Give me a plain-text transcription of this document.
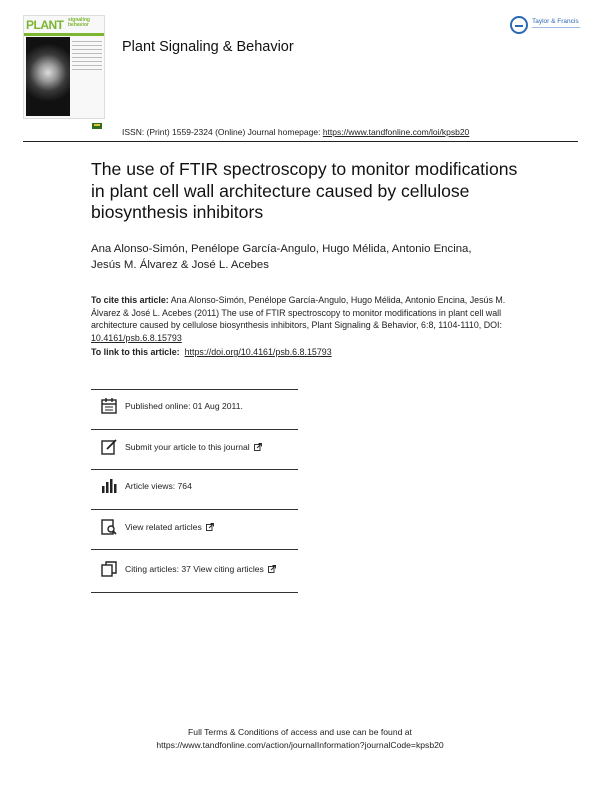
PLANT signaling
behavior	Taylor & Francis
Plant Signaling & Behavior
ISSN: (Print) 1559-2324 (Online) Journal homepage: https://www.tandfonline.com/loi/kpsb20
The use of FTIR spectroscopy to monitor modifications in plant cell wall architecture caused by cellulose biosynthesis inhibitors
Ana Alonso-Simón, Penélope García-Angulo, Hugo Mélida, Antonio Encina,
Jesús M. Álvarez & José L. Acebes
To cite this article: Ana Alonso-Simón, Penélope García-Angulo, Hugo Mélida, Antonio Encina, Jesús M. Álvarez & José L. Acebes (2011) The use of FTIR spectroscopy to monitor modifications in plant cell wall architecture caused by cellulose biosynthesis inhibitors, Plant Signaling & Behavior, 6:8, 1104-1110, DOI: 10.4161/psb.6.8.15793
To link to this article: https://doi.org/10.4161/psb.6.8.15793
Published online: 01 Aug 2011.
Submit your article to this journal
Article views: 764
View related articles
Citing articles: 37 View citing articles
Full Terms & Conditions of access and use can be found at
https://www.tandfonline.com/action/journalInformation?journalCode=kpsb20
